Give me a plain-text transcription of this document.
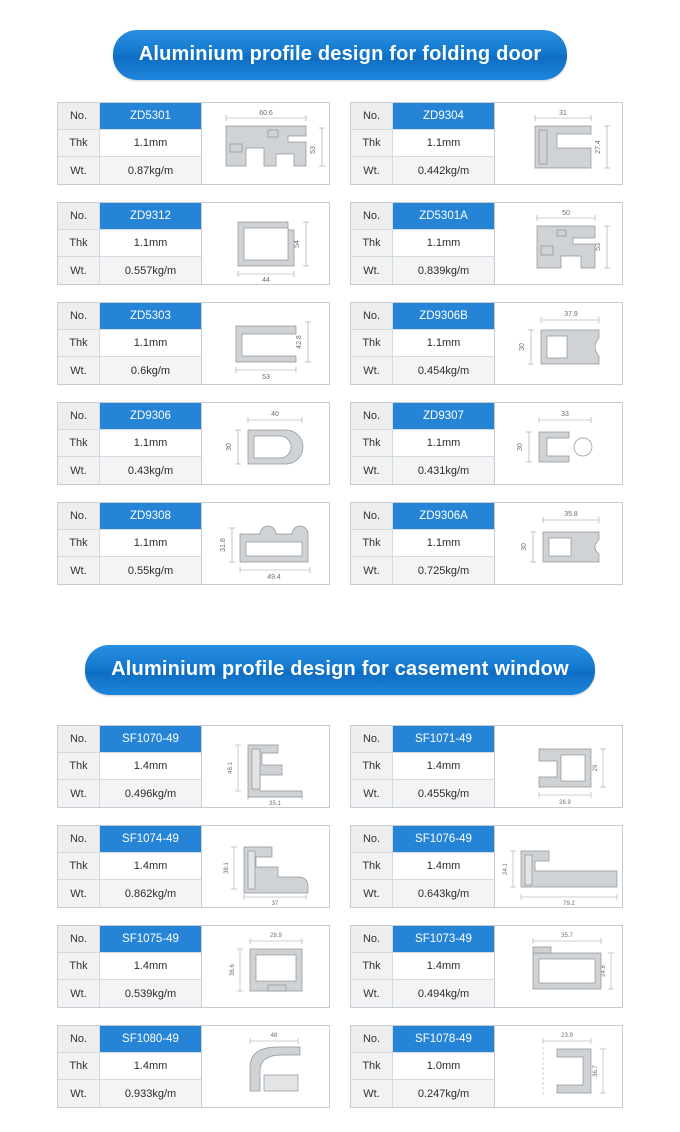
Aluminium profile design for folding door
No.	ZD5301
Thk	1.1mm
Wt.	0.87kg/m
60.6
53
No.	ZD9304
Thk	1.1mm
Wt.	0.442kg/m
31
27.4
No.	ZD9312
Thk	1.1mm
Wt.	0.557kg/m
44
54
No.	ZD5301A
Thk	1.1mm
Wt.	0.839kg/m
50
53
No.	ZD5303
Thk	1.1mm
Wt.	0.6kg/m
53
42.8
No.	ZD9306B
Thk	1.1mm
Wt.	0.454kg/m
37.9
30
No.	ZD9306
Thk	1.1mm
Wt.	0.43kg/m
40
30
No.	ZD9307
Thk	1.1mm
Wt.	0.431kg/m
33
30
No.	ZD9308
Thk	1.1mm
Wt.	0.55kg/m
49.4
31.8
No.	ZD9306A
Thk	1.1mm
Wt.	0.725kg/m
35.8
30
Aluminium profile design for casement window
No.	SF1070-49
Thk	1.4mm
Wt.	0.496kg/m
35.1
48.1
No.	SF1071-49
Thk	1.4mm
Wt.	0.455kg/m
26.9
29
No.	SF1074-49
Thk	1.4mm
Wt.	0.862kg/m
37
38.1
No.	SF1076-49
Thk	1.4mm
Wt.	0.643kg/m
79.2
24.1
No.	SF1075-49
Thk	1.4mm
Wt.	0.539kg/m
28.9
36.6
No.	SF1073-49
Thk	1.4mm
Wt.	0.494kg/m
35.7
24.8
No.	SF1080-49
Thk	1.4mm
Wt.	0.933kg/m
48	No.	SF1078-49
Thk	1.0mm
Wt.	0.247kg/m
23.9
36.7
